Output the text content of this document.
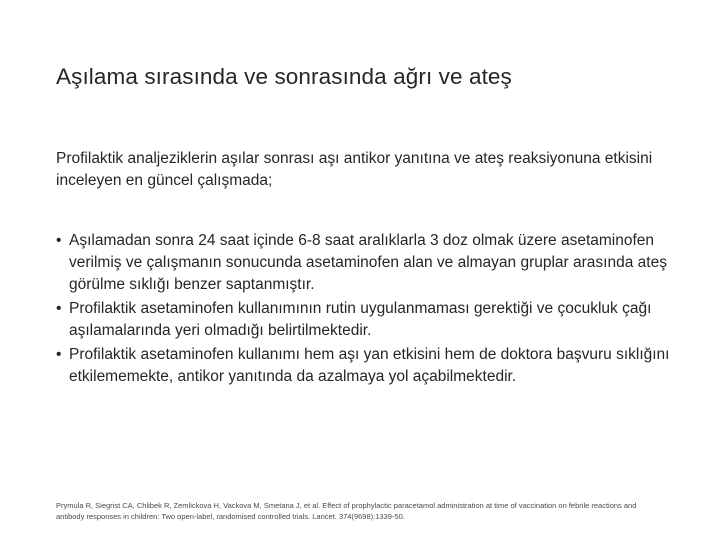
Aşılama sırasında ve sonrasında ağrı ve ateş
Profilaktik analjeziklerin aşılar sonrası aşı antikor yanıtına ve ateş reaksiyonuna etkisini inceleyen en güncel çalışmada;
• Aşılamadan sonra 24 saat içinde 6-8 saat aralıklarla 3 doz olmak üzere asetaminofen verilmiş ve çalışmanın sonucunda asetaminofen alan ve almayan gruplar arasında ateş görülme sıklığı benzer saptanmıştır.
• Profilaktik asetaminofen kullanımının rutin uygulanmaması gerektiği ve çocukluk çağı aşılamalarında yeri olmadığı belirtilmektedir.
• Profilaktik asetaminofen kullanımı hem aşı yan etkisini hem de doktora başvuru sıklığını etkilememekte, antikor yanıtında da azalmaya yol açabilmektedir.
Prymula R, Siegrist CA, Chlibek R, Zemlickova H, Vackova M, Smetana J, et al. Effect of prophylactic paracetamol administration at time of vaccination on febrile reactions and antibody responses in children: Two open-label, randomised controlled trials. Lancet. 374(9698):1339-50.
